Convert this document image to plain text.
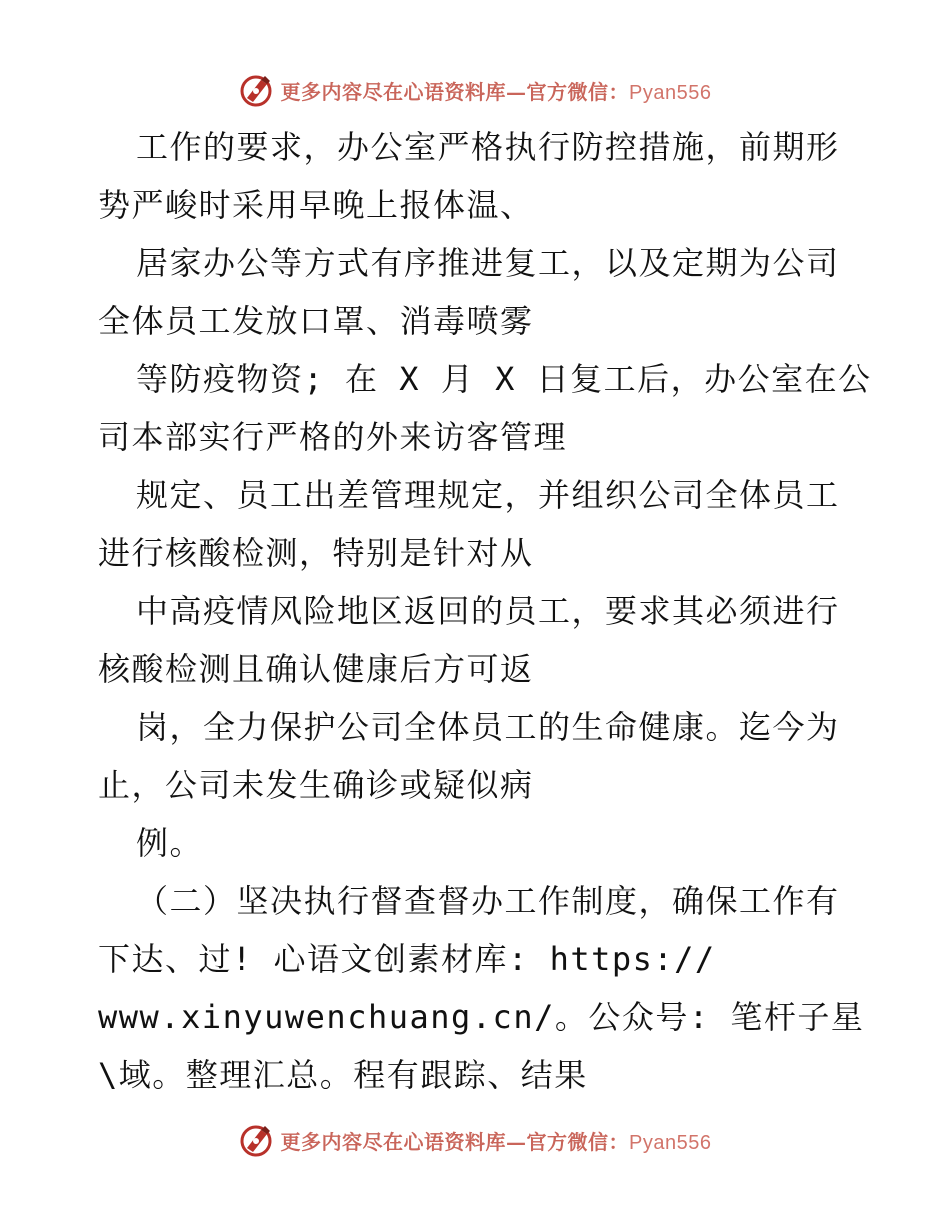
更多内容尽在心语资料库—官方微信：Pyan556
工作的要求，办公室严格执行防控措施，前期形
势严峻时采用早晚上报体温、
居家办公等方式有序推进复工，以及定期为公司
全体员工发放口罩、消毒喷雾
等防疫物资; 在 X 月 X 日复工后，办公室在公
司本部实行严格的外来访客管理
规定、员工出差管理规定，并组织公司全体员工
进行核酸检测，特别是针对从
中高疫情风险地区返回的员工，要求其必须进行
核酸检测且确认健康后方可返
岗，全力保护公司全体员工的生命健康。迄今为
止，公司未发生确诊或疑似病
例。
（二）坚决执行督查督办工作制度，确保工作有
下达、过! 心语文创素材库: https://
www.xinyuwenchuang.cn/。公众号: 笔杆子星
\域。整理汇总。程有跟踪、结果
更多内容尽在心语资料库—官方微信：Pyan556
